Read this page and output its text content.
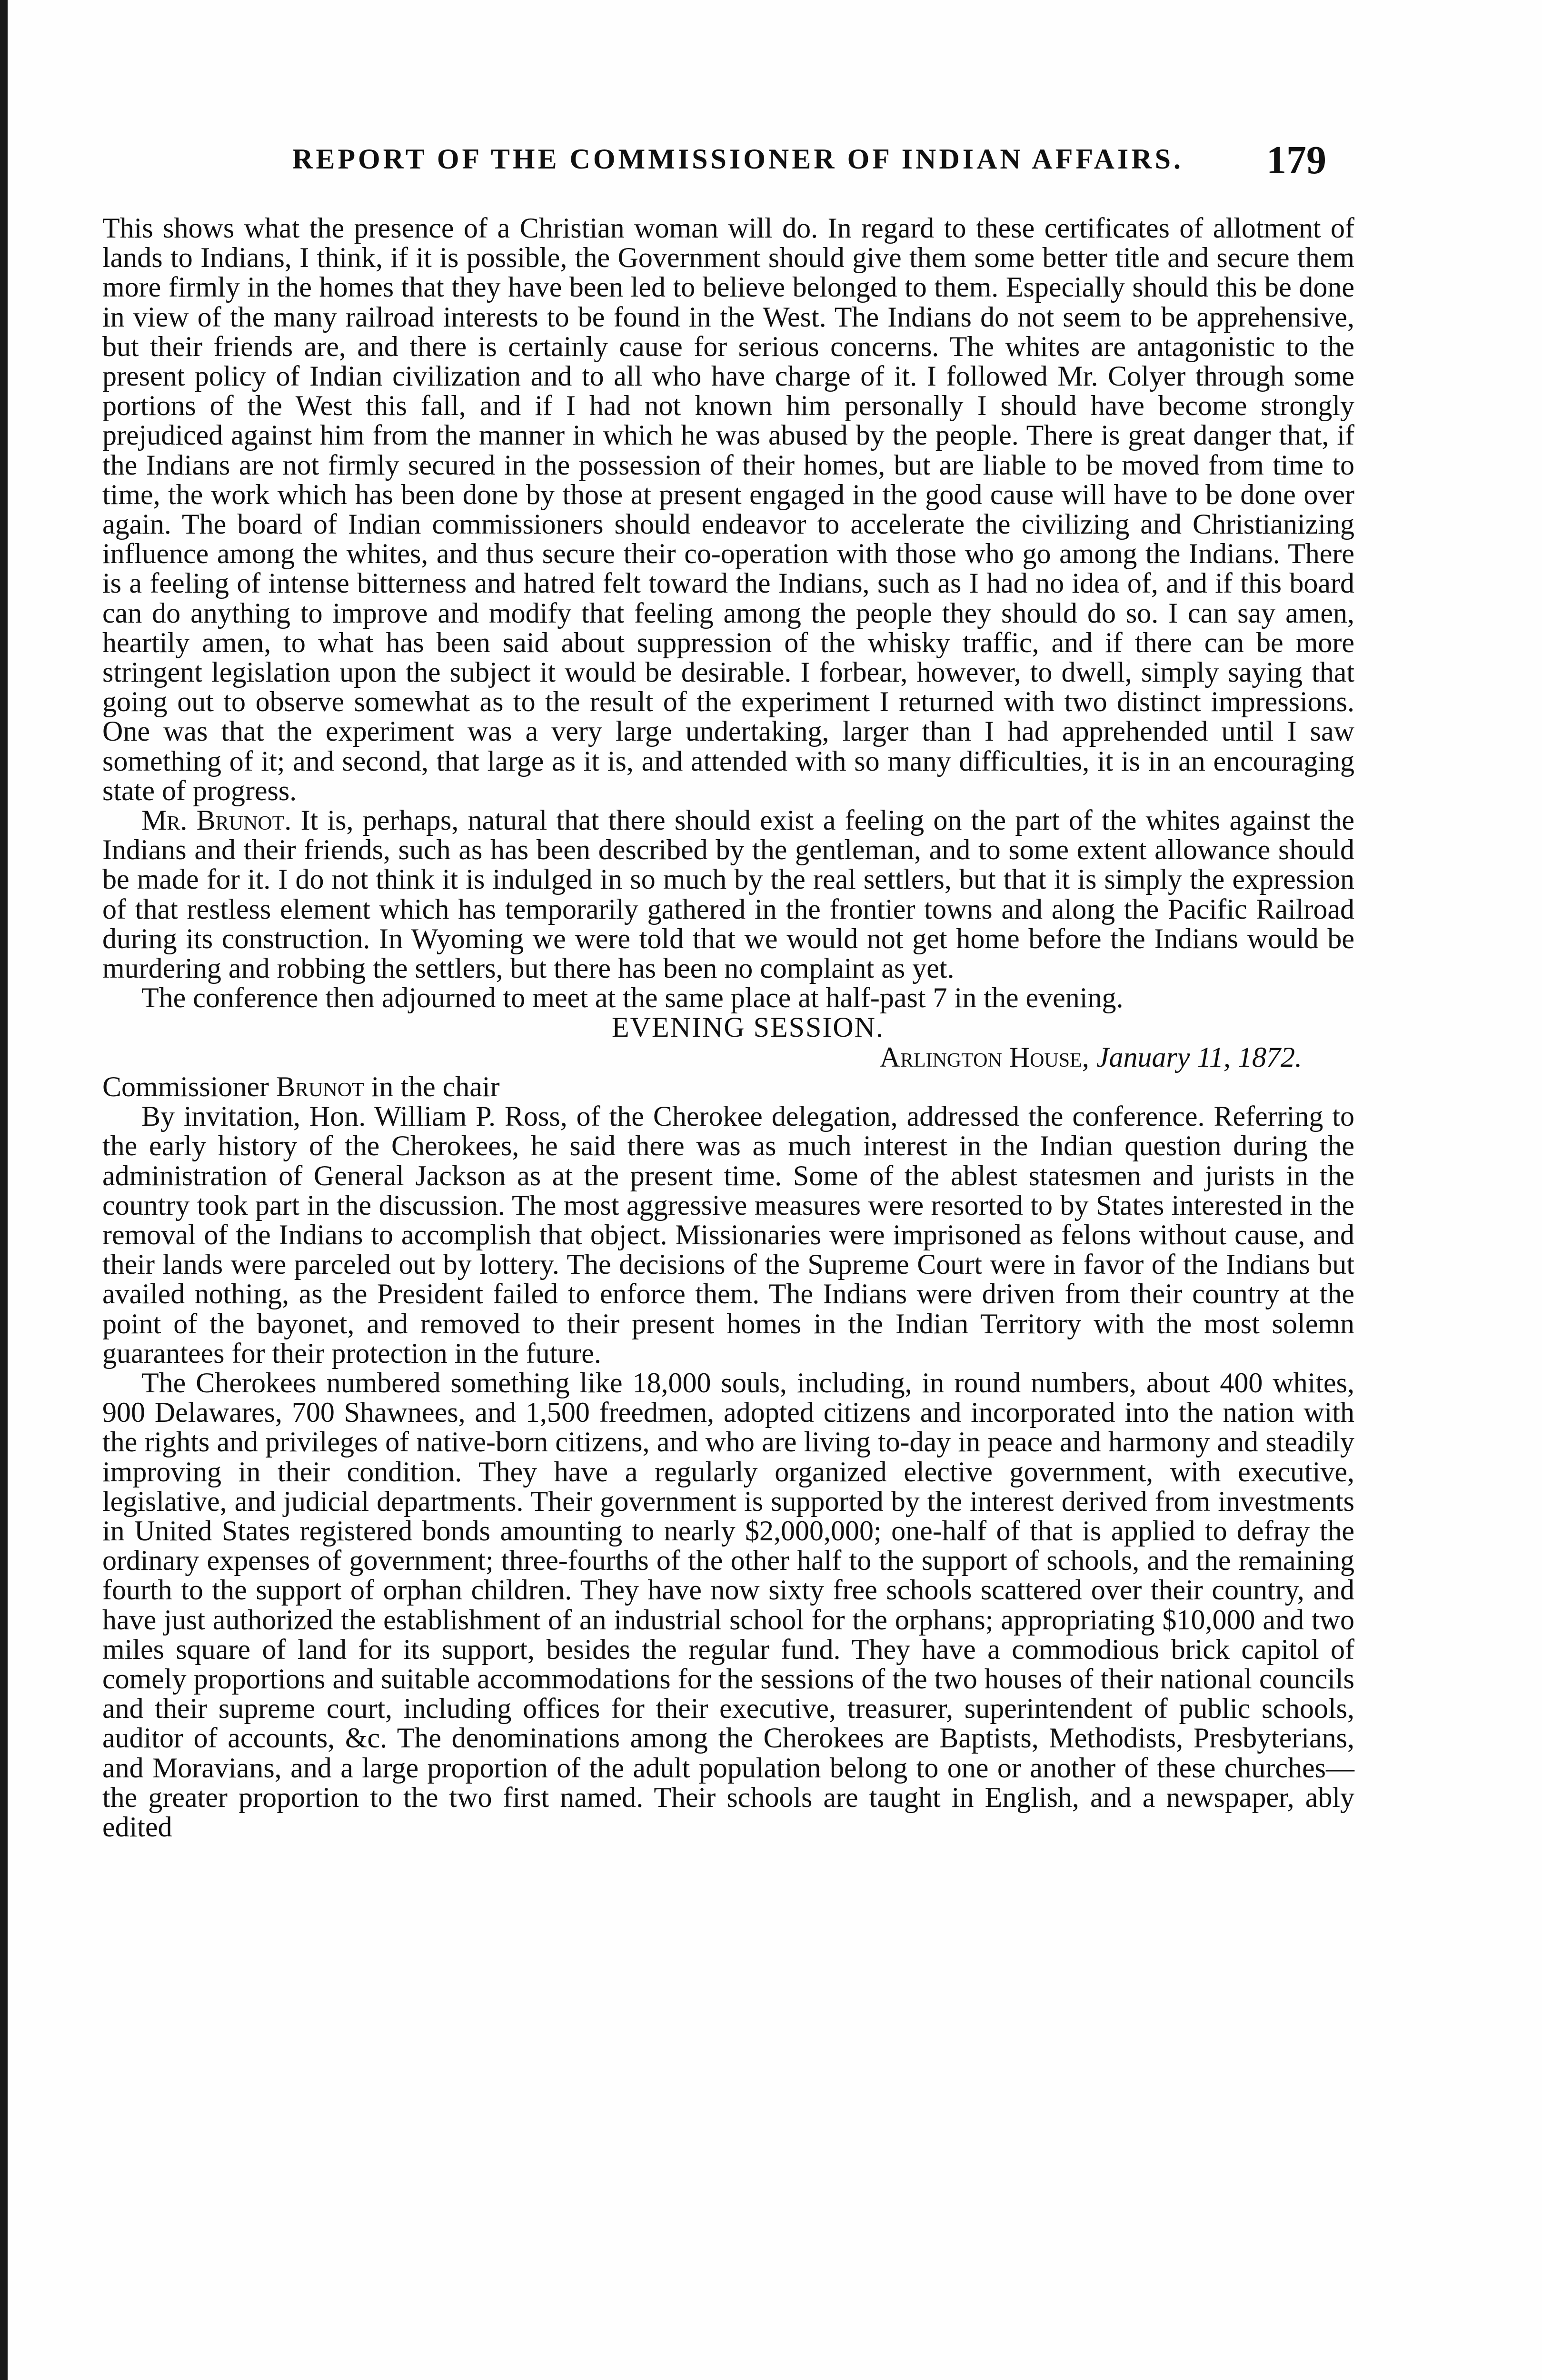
REPORT OF THE COMMISSIONER OF INDIAN AFFAIRS.	179

This shows what the presence of a Christian woman will do. In regard to these certificates of allotment of lands to Indians, I think, if it is possible, the Government should give them some better title and secure them more firmly in the homes that they have been led to believe belonged to them. Especially should this be done in view of the many railroad interests to be found in the West. The Indians do not seem to be apprehensive, but their friends are, and there is certainly cause for serious concerns. The whites are antagonistic to the present policy of Indian civilization and to all who have charge of it. I followed Mr. Colyer through some portions of the West this fall, and if I had not known him personally I should have become strongly prejudiced against him from the manner in which he was abused by the people. There is great danger that, if the Indians are not firmly secured in the possession of their homes, but are liable to be moved from time to time, the work which has been done by those at present engaged in the good cause will have to be done over again. The board of Indian commissioners should endeavor to accelerate the civilizing and Christianizing influence among the whites, and thus secure their co-operation with those who go among the Indians. There is a feeling of intense bitterness and hatred felt toward the Indians, such as I had no idea of, and if this board can do anything to improve and modify that feeling among the people they should do so. I can say amen, heartily amen, to what has been said about suppression of the whisky traffic, and if there can be more stringent legislation upon the subject it would be desirable. I forbear, however, to dwell, simply saying that going out to observe somewhat as to the result of the experiment I returned with two distinct impressions. One was that the experiment was a very large undertaking, larger than I had apprehended until I saw something of it; and second, that large as it is, and attended with so many difficulties, it is in an encouraging state of progress.

Mr. Brunot. It is, perhaps, natural that there should exist a feeling on the part of the whites against the Indians and their friends, such as has been described by the gentleman, and to some extent allowance should be made for it. I do not think it is indulged in so much by the real settlers, but that it is simply the expression of that restless element which has temporarily gathered in the frontier towns and along the Pacific Railroad during its construction. In Wyoming we were told that we would not get home before the Indians would be murdering and robbing the settlers, but there has been no complaint as yet.

The conference then adjourned to meet at the same place at half-past 7 in the evening.

EVENING SESSION.

Arlington House, January 11, 1872.

Commissioner Brunot in the chair

By invitation, Hon. William P. Ross, of the Cherokee delegation, addressed the conference. Referring to the early history of the Cherokees, he said there was as much interest in the Indian question during the administration of General Jackson as at the present time. Some of the ablest statesmen and jurists in the country took part in the discussion. The most aggressive measures were resorted to by States interested in the removal of the Indians to accomplish that object. Missionaries were imprisoned as felons without cause, and their lands were parceled out by lottery. The decisions of the Supreme Court were in favor of the Indians but availed nothing, as the President failed to enforce them. The Indians were driven from their country at the point of the bayonet, and removed to their present homes in the Indian Territory with the most solemn guarantees for their protection in the future.

The Cherokees numbered something like 18,000 souls, including, in round numbers, about 400 whites, 900 Delawares, 700 Shawnees, and 1,500 freedmen, adopted citizens and incorporated into the nation with the rights and privileges of native-born citizens, and who are living to-day in peace and harmony and steadily improving in their condition. They have a regularly organized elective government, with executive, legislative, and judicial departments. Their government is supported by the interest derived from investments in United States registered bonds amounting to nearly $2,000,000; one-half of that is applied to defray the ordinary expenses of government; three-fourths of the other half to the support of schools, and the remaining fourth to the support of orphan children. They have now sixty free schools scattered over their country, and have just authorized the establishment of an industrial school for the orphans; appropriating $10,000 and two miles square of land for its support, besides the regular fund. They have a commodious brick capitol of comely proportions and suitable accommodations for the sessions of the two houses of their national councils and their supreme court, including offices for their executive, treasurer, superintendent of public schools, auditor of accounts, &c. The denominations among the Cherokees are Baptists, Methodists, Presbyterians, and Moravians, and a large proportion of the adult population belong to one or another of these churches—the greater proportion to the two first named. Their schools are taught in English, and a newspaper, ably edited
